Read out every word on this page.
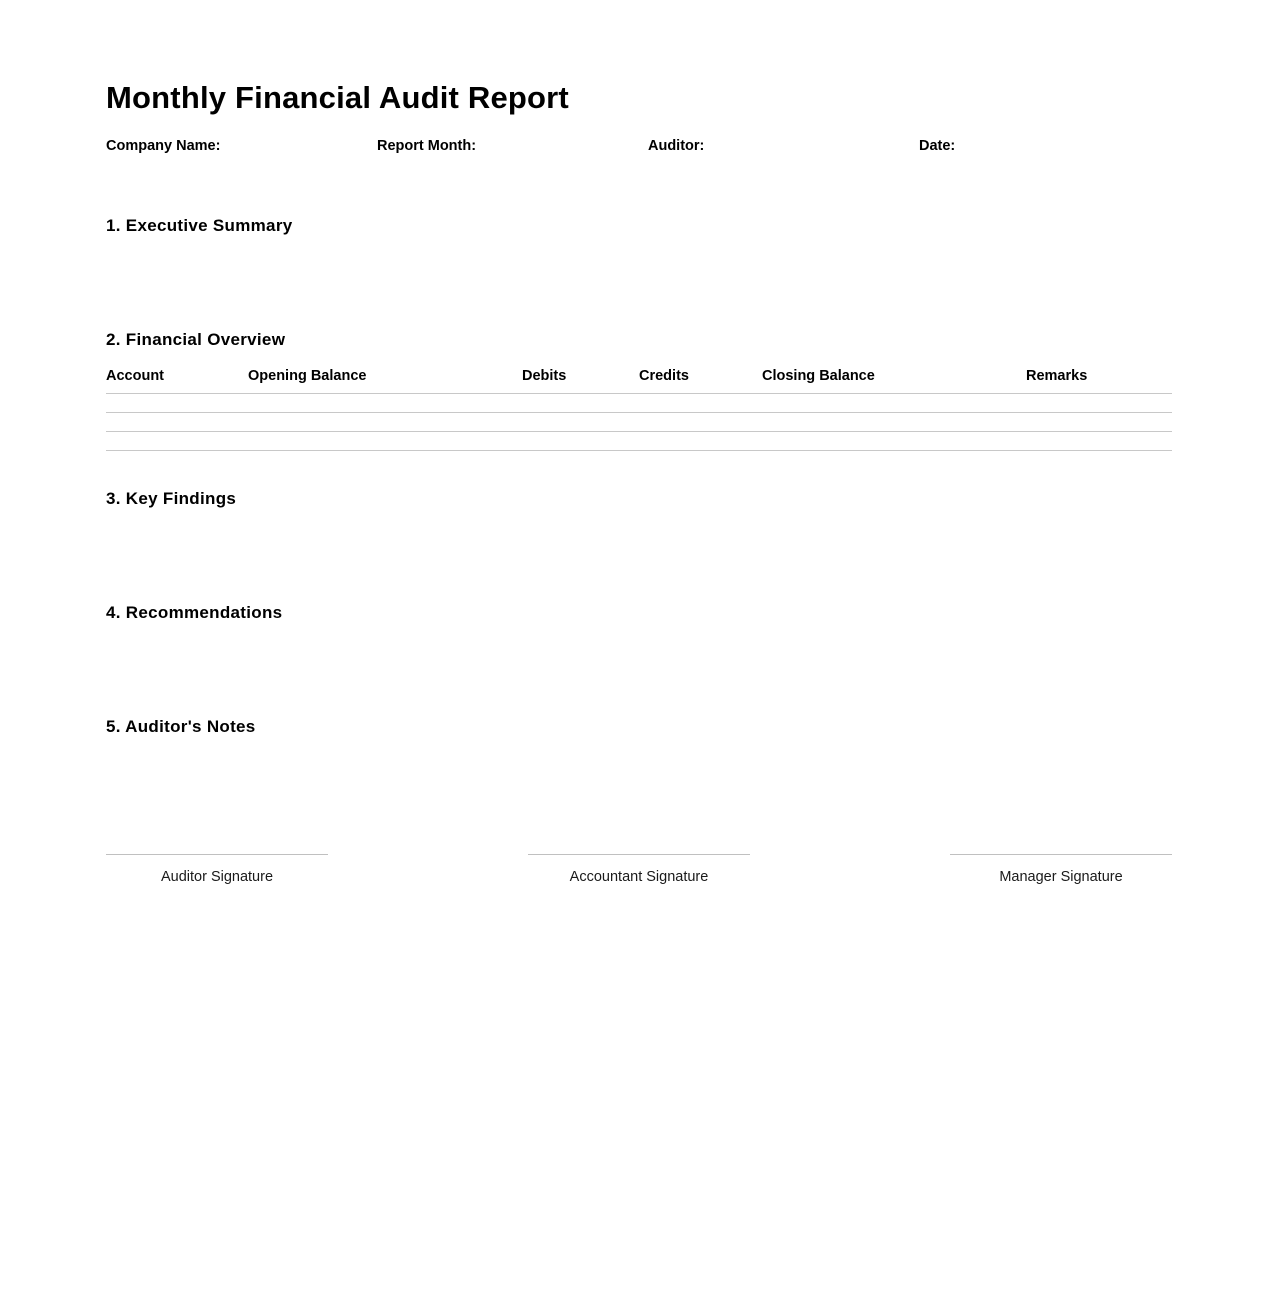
Monthly Financial Audit Report
Company Name:	Report Month:	Auditor:	Date:
1. Executive Summary
2. Financial Overview
Account	Opening Balance	Debits	Credits	Closing Balance	Remarks

3. Key Findings
4. Recommendations
5. Auditor's Notes
Auditor Signature	Accountant Signature	Manager Signature
